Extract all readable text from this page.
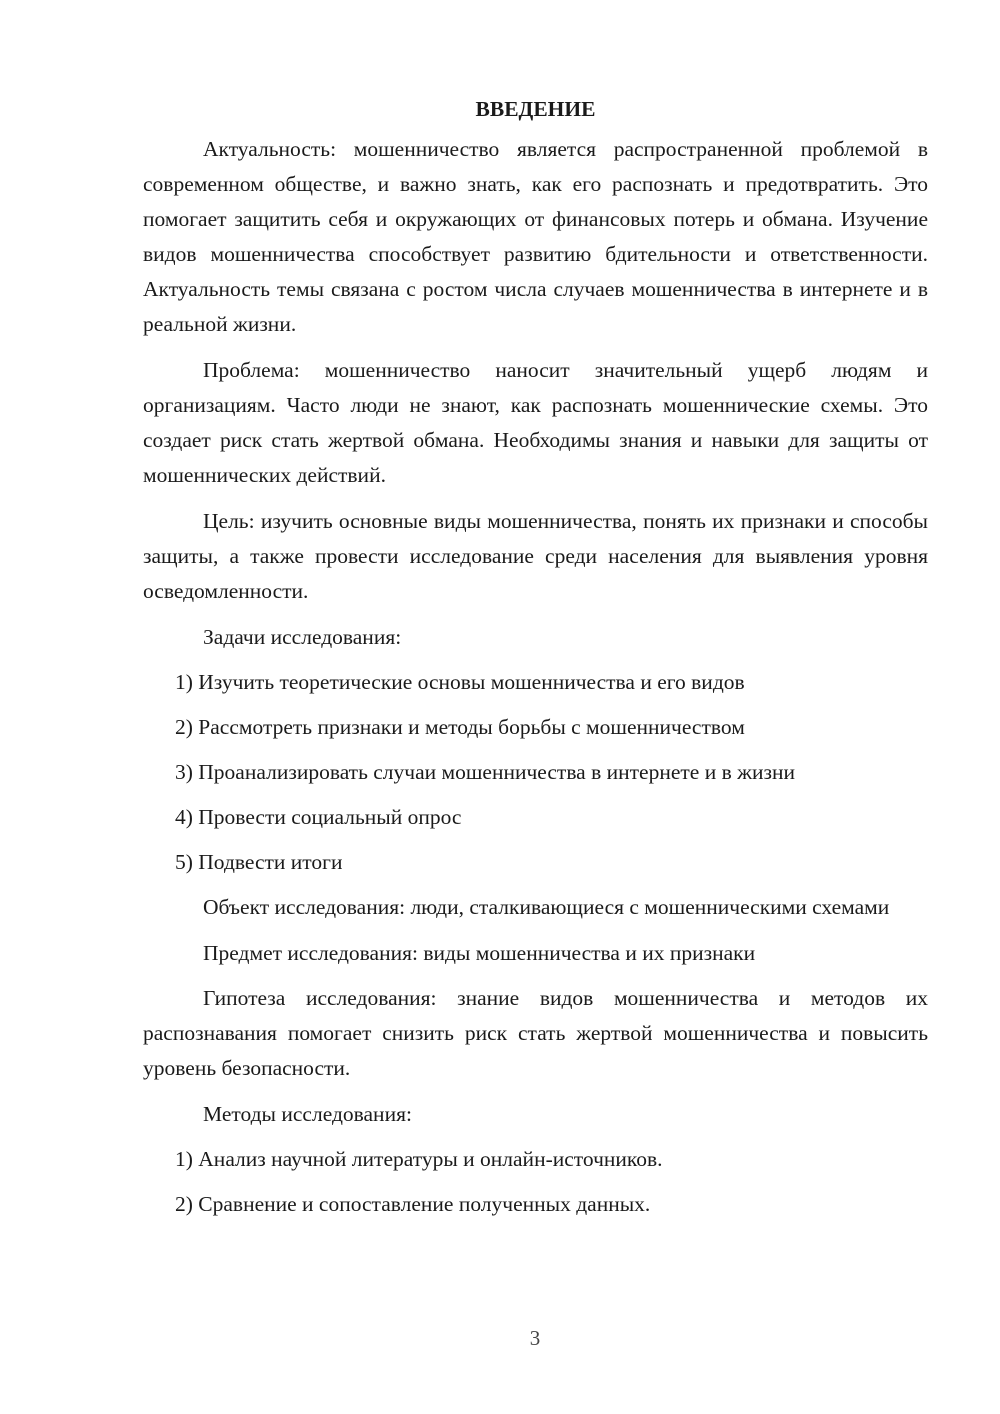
ВВЕДЕНИЕ

Актуальность: мошенничество является распространенной проблемой в современном обществе, и важно знать, как его распознать и предотвратить. Это помогает защитить себя и окружающих от финансовых потерь и обмана. Изучение видов мошенничества способствует развитию бдительности и ответственности. Актуальность темы связана с ростом числа случаев мошенничества в интернете и в реальной жизни.

Проблема: мошенничество наносит значительный ущерб людям и организациям. Часто люди не знают, как распознать мошеннические схемы. Это создает риск стать жертвой обмана. Необходимы знания и навыки для защиты от мошеннических действий.

Цель: изучить основные виды мошенничества, понять их признаки и способы защиты, а также провести исследование среди населения для выявления уровня осведомленности.

Задачи исследования:

1) Изучить теоретические основы мошенничества и его видов
2) Рассмотреть признаки и методы борьбы с мошенничеством
3) Проанализировать случаи мошенничества в интернете и в жизни
4) Провести социальный опрос
5) Подвести итоги

Объект исследования: люди, сталкивающиеся с мошенническими схемами

Предмет исследования: виды мошенничества и их признаки

Гипотеза исследования: знание видов мошенничества и методов их распознавания помогает снизить риск стать жертвой мошенничества и повысить уровень безопасности.

Методы исследования:

1) Анализ научной литературы и онлайн-источников.
2) Сравнение и сопоставление полученных данных.
3
